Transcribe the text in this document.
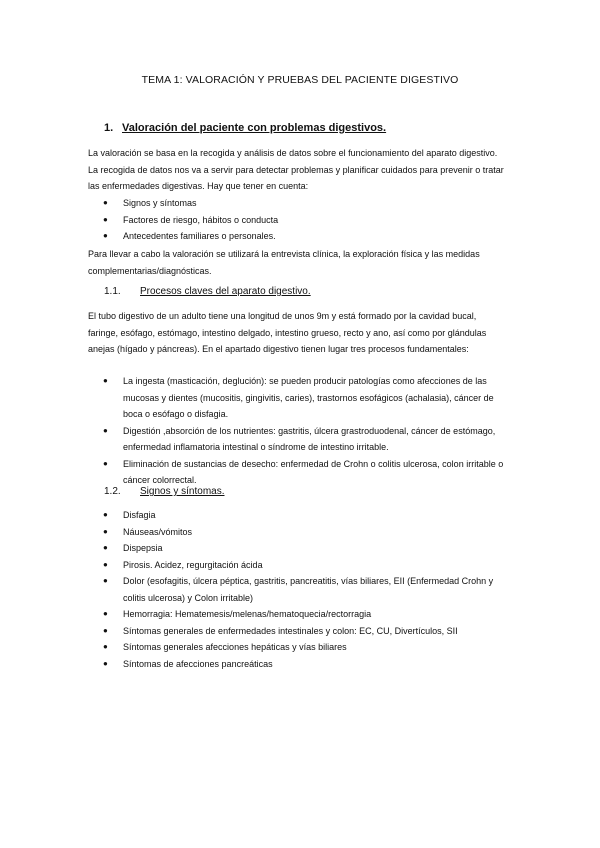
TEMA 1: VALORACIÓN Y PRUEBAS DEL PACIENTE DIGESTIVO
1. Valoración del paciente con problemas digestivos.

La valoración se basa en la recogida y análisis de datos sobre el funcionamiento del aparato digestivo. La recogida de datos nos va a servir para detectar problemas y planificar cuidados para prevenir o tratar las enfermedades digestivas. Hay que tener en cuenta:

● Signos y síntomas
● Factores de riesgo, hábitos o conducta
● Antecedentes familiares o personales.

Para llevar a cabo la valoración se utilizará la entrevista clínica, la exploración física y las medidas complementarias/diagnósticas.

1.1. Procesos claves del aparato digestivo.

El tubo digestivo de un adulto tiene una longitud de unos 9m y está formado por la cavidad bucal, faringe, esófago, estómago, intestino delgado, intestino grueso, recto y ano, así como por glándulas anejas (hígado y páncreas). En el apartado digestivo tienen lugar tres procesos fundamentales:

● La ingesta (masticación, deglución): se pueden producir patologías como afecciones de las mucosas y dientes (mucositis, gingivitis, caries), trastornos esofágicos (achalasia), cáncer de boca o esófago o disfagia.
● Digestión ,absorción de los nutrientes: gastritis, úlcera grastroduodenal, cáncer de estómago, enfermedad inflamatoria intestinal o síndrome de intestino irritable.
● Eliminación de sustancias de desecho: enfermedad de Crohn o colitis ulcerosa, colon irritable o cáncer colorrectal.
1.2. Signos y síntomas.
● Disfagia
● Náuseas/vómitos
● Dispepsia
● Pirosis. Acidez, regurgitación ácida
● Dolor (esofagitis, úlcera péptica, gastritis, pancreatitis, vías biliares, EII (Enfermedad Crohn y colitis ulcerosa) y Colon irritable)
● Hemorragia: Hematemesis/melenas/hematoquecia/rectorragia
● Síntomas generales de enfermedades intestinales y colon: EC, CU, Divertículos, SII
● Síntomas generales afecciones hepáticas y vías biliares
● Síntomas de afecciones pancreáticas
